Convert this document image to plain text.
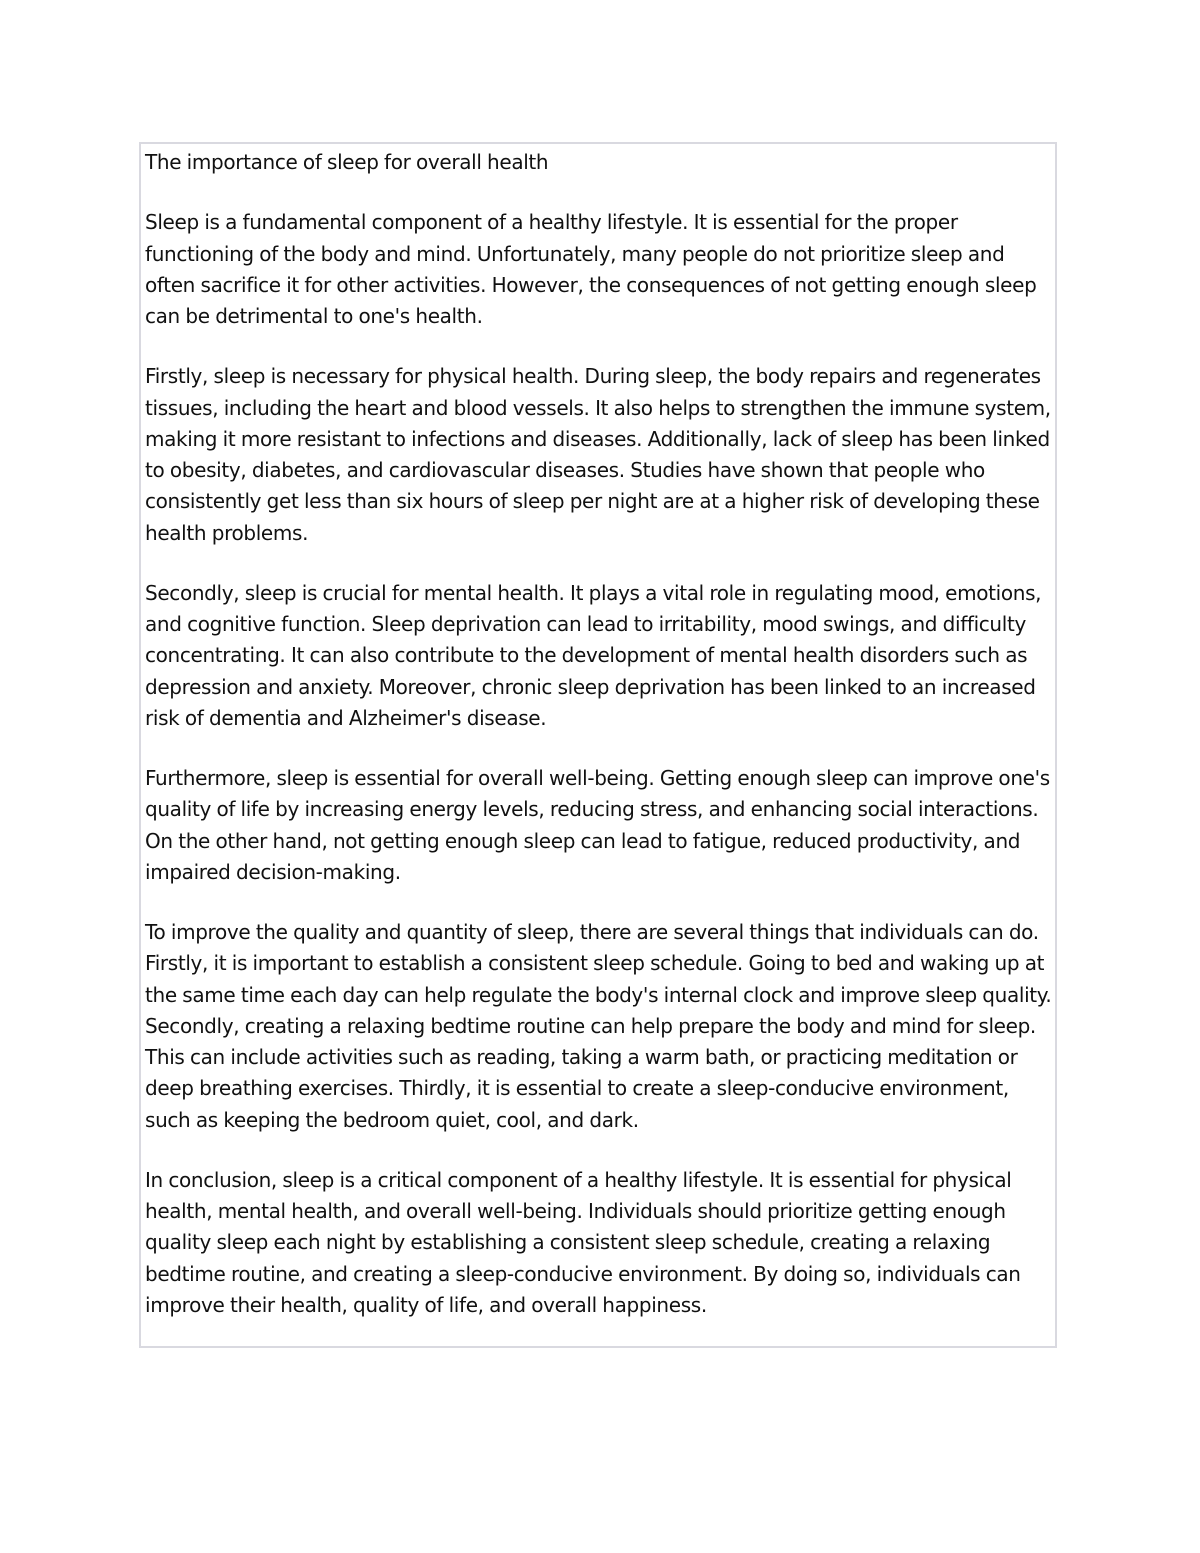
The importance of sleep for overall health

Sleep is a fundamental component of a healthy lifestyle. It is essential for the proper functioning of the body and mind. Unfortunately, many people do not prioritize sleep and often sacrifice it for other activities. However, the consequences of not getting enough sleep can be detrimental to one's health.

Firstly, sleep is necessary for physical health. During sleep, the body repairs and regenerates tissues, including the heart and blood vessels. It also helps to strengthen the immune system, making it more resistant to infections and diseases. Additionally, lack of sleep has been linked to obesity, diabetes, and cardiovascular diseases. Studies have shown that people who consistently get less than six hours of sleep per night are at a higher risk of developing these health problems.

Secondly, sleep is crucial for mental health. It plays a vital role in regulating mood, emotions, and cognitive function. Sleep deprivation can lead to irritability, mood swings, and difficulty concentrating. It can also contribute to the development of mental health disorders such as depression and anxiety. Moreover, chronic sleep deprivation has been linked to an increased risk of dementia and Alzheimer's disease.

Furthermore, sleep is essential for overall well-being. Getting enough sleep can improve one's quality of life by increasing energy levels, reducing stress, and enhancing social interactions. On the other hand, not getting enough sleep can lead to fatigue, reduced productivity, and impaired decision-making.

To improve the quality and quantity of sleep, there are several things that individuals can do. Firstly, it is important to establish a consistent sleep schedule. Going to bed and waking up at the same time each day can help regulate the body's internal clock and improve sleep quality. Secondly, creating a relaxing bedtime routine can help prepare the body and mind for sleep. This can include activities such as reading, taking a warm bath, or practicing meditation or deep breathing exercises. Thirdly, it is essential to create a sleep-conducive environment, such as keeping the bedroom quiet, cool, and dark.

In conclusion, sleep is a critical component of a healthy lifestyle. It is essential for physical health, mental health, and overall well-being. Individuals should prioritize getting enough quality sleep each night by establishing a consistent sleep schedule, creating a relaxing bedtime routine, and creating a sleep-conducive environment. By doing so, individuals can improve their health, quality of life, and overall happiness.
